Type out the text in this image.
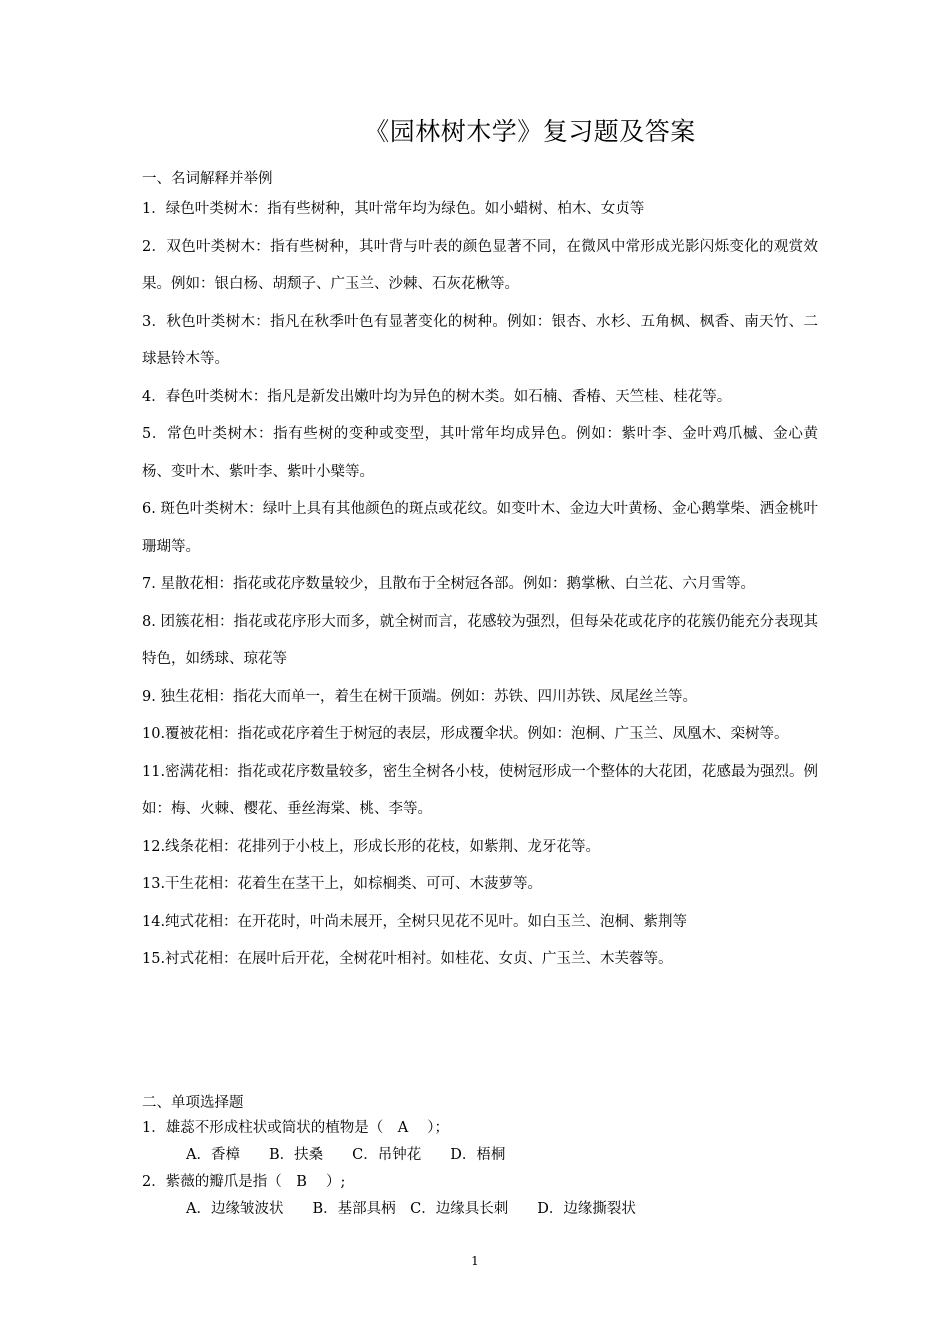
《园林树木学》复习题及答案
一、名词解释并举例

1．绿色叶类树木：指有些树种，其叶常年均为绿色。如小蜡树、柏木、女贞等

2．双色叶类树木：指有些树种，其叶背与叶表的颜色显著不同，在微风中常形成光影闪烁变化的观赏效果。例如：银白杨、胡颓子、广玉兰、沙棘、石灰花楸等。

3．秋色叶类树木：指凡在秋季叶色有显著变化的树种。例如：银杏、水杉、五角枫、枫香、南天竹、二球悬铃木等。

4．春色叶类树木：指凡是新发出嫩叶均为异色的树木类。如石楠、香椿、天竺桂、桂花等。

5．常色叶类树木：指有些树的变种或变型，其叶常年均成异色。例如：紫叶李、金叶鸡爪槭、金心黄杨、变叶木、紫叶李、紫叶小檗等。

6. 斑色叶类树木：绿叶上具有其他颜色的斑点或花纹。如变叶木、金边大叶黄杨、金心鹅掌柴、洒金桃叶珊瑚等。

7. 星散花相：指花或花序数量较少，且散布于全树冠各部。例如：鹅掌楸、白兰花、六月雪等。

8. 团簇花相：指花或花序形大而多，就全树而言，花感较为强烈，但每朵花或花序的花簇仍能充分表现其特色，如绣球、琼花等

9. 独生花相：指花大而单一，着生在树干顶端。例如：苏铁、四川苏铁、凤尾丝兰等。

10.覆被花相：指花或花序着生于树冠的表层，形成覆伞状。例如：泡桐、广玉兰、凤凰木、栾树等。

11.密满花相：指花或花序数量较多，密生全树各小枝，使树冠形成一个整体的大花团，花感最为强烈。例如：梅、火棘、樱花、垂丝海棠、桃、李等。

12.线条花相：花排列于小枝上，形成长形的花枝，如紫荆、龙牙花等。

13.干生花相：花着生在茎干上，如棕榈类、可可、木菠萝等。

14.纯式花相：在开花时，叶尚未展开，全树只见花不见叶。如白玉兰、泡桐、紫荆等

15.衬式花相：在展叶后开花，全树花叶相衬。如桂花、女贞、广玉兰、木芙蓉等。

二、单项选择题

1．雄蕊不形成柱状或筒状的植物是（　A　 ）；

A．香樟　　B．扶桑　　C．吊钟花　　D．梧桐

2．紫薇的瓣爪是指（　B　 ）;

A．边缘皱波状　　B．基部具柄　C．边缘具长刺　　D．边缘撕裂状

1
